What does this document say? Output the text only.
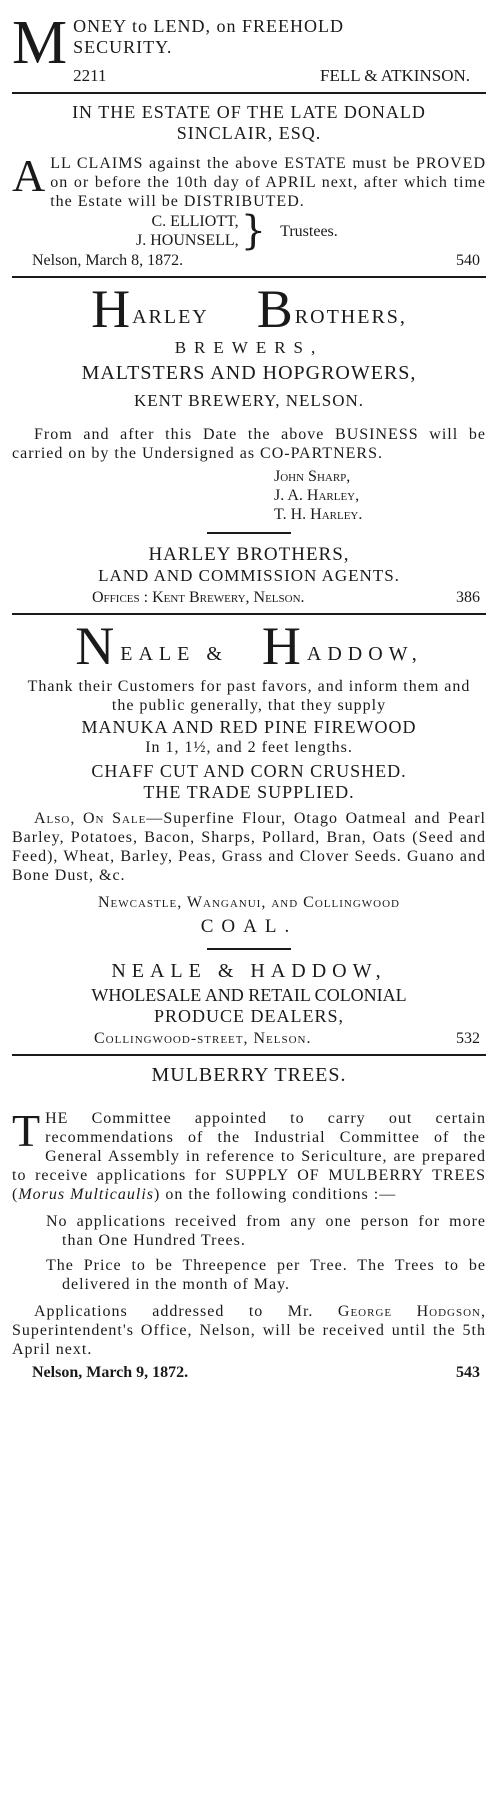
M ONEY to LEND, on FREEHOLD

SECURITY.

2211	FELL & ATKINSON.

IN THE ESTATE OF THE LATE DONALD

SINCLAIR, ESQ.

ALL CLAIMS against the above ESTATE must be PROVED on or before the 10th day of APRIL next, after which time the Estate will be DISTRIBUTED.

C. ELLIOTT,
J. HOUNSELL, } Trustees.
Nelson, March 8, 1872.	540
HARLEY BROTHERS,

BREWERS,

MALTSTERS AND HOPGROWERS,

KENT BREWERY, NELSON.

From and after this Date the above BUSINESS will be carried on by the Undersigned as CO-PARTNERS.

John Sharp,

J. A. Harley,

T. H. Harley.

HARLEY BROTHERS,

LAND AND COMMISSION AGENTS.

Offices : Kent Brewery, Nelson.	386
NEALE & HADDOW,

Thank their Customers for past favors, and inform them and the public generally, that they supply

MANUKA AND RED PINE FIREWOOD

In 1, 1½, and 2 feet lengths.

CHAFF CUT AND CORN CRUSHED.

THE TRADE SUPPLIED.

Also, On Sale—Superfine Flour, Otago Oatmeal and Pearl Barley, Potatoes, Bacon, Sharps, Pollard, Bran, Oats (Seed and Feed), Wheat, Barley, Peas, Grass and Clover Seeds. Guano and Bone Dust, &c.

Newcastle, Wanganui, and Collingwood

COAL.

NEALE & HADDOW,

WHOLESALE AND RETAIL COLONIAL

PRODUCE DEALERS,

Collingwood-street, Nelson.	532

MULBERRY TREES.

THE Committee appointed to carry out certain recommendations of the Industrial Committee of the General Assembly in reference to Sericulture, are prepared to receive applications for SUPPLY OF MULBERRY TREES (Morus Multicaulis) on the following conditions :—

No applications received from any one person for more than One Hundred Trees.

The Price to be Threepence per Tree. The Trees to be delivered in the month of May.

Applications addressed to Mr. George Hodgson, Superintendent's Office, Nelson, will be received until the 5th April next.

Nelson, March 9, 1872.	543
